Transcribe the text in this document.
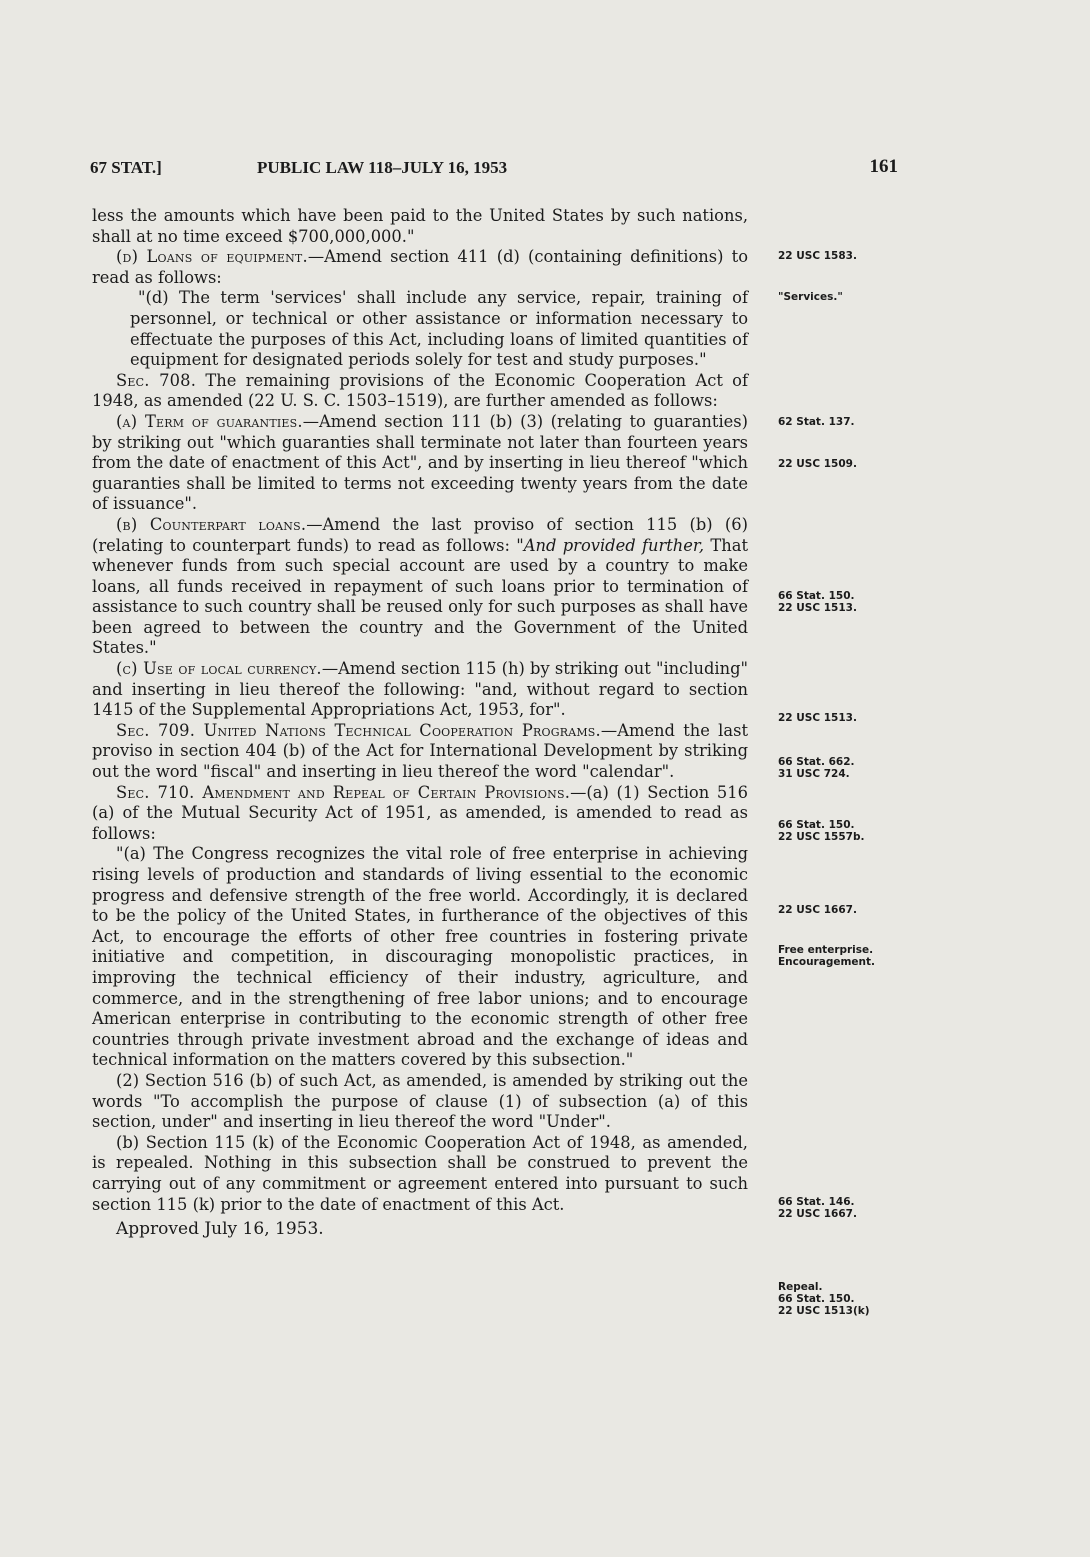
67 STAT.]	PUBLIC LAW 118–JULY 16, 1953	161

less the amounts which have been paid to the United States by such nations, shall at no time exceed $700,000,000."

(d) Loans of equipment.—Amend section 411 (d) (containing definitions) to read as follows:

"(d) The term 'services' shall include any service, repair, training of personnel, or technical or other assistance or information necessary to effectuate the purposes of this Act, including loans of limited quantities of equipment for designated periods solely for test and study purposes."

Sec. 708. The remaining provisions of the Economic Cooperation Act of 1948, as amended (22 U. S. C. 1503–1519), are further amended as follows:

(a) Term of guaranties.—Amend section 111 (b) (3) (relating to guaranties) by striking out "which guaranties shall terminate not later than fourteen years from the date of enactment of this Act", and by inserting in lieu thereof "which guaranties shall be limited to terms not exceeding twenty years from the date of issuance".

(b) Counterpart loans.—Amend the last proviso of section 115 (b) (6) (relating to counterpart funds) to read as follows: "And provided further, That whenever funds from such special account are used by a country to make loans, all funds received in repayment of such loans prior to termination of assistance to such country shall be reused only for such purposes as shall have been agreed to between the country and the Government of the United States."

(c) Use of local currency.—Amend section 115 (h) by striking out "including" and inserting in lieu thereof the following: "and, without regard to section 1415 of the Supplemental Appropriations Act, 1953, for".

Sec. 709. United Nations Technical Cooperation Programs.—Amend the last proviso in section 404 (b) of the Act for International Development by striking out the word "fiscal" and inserting in lieu thereof the word "calendar".

Sec. 710. Amendment and Repeal of Certain Provisions.—(a) (1) Section 516 (a) of the Mutual Security Act of 1951, as amended, is amended to read as follows:

"(a) The Congress recognizes the vital role of free enterprise in achieving rising levels of production and standards of living essential to the economic progress and defensive strength of the free world. Accordingly, it is declared to be the policy of the United States, in furtherance of the objectives of this Act, to encourage the efforts of other free countries in fostering private initiative and competition, in discouraging monopolistic practices, in improving the technical efficiency of their industry, agriculture, and commerce, and in the strengthening of free labor unions; and to encourage American enterprise in contributing to the economic strength of other free countries through private investment abroad and the exchange of ideas and technical information on the matters covered by this subsection."

(2) Section 516 (b) of such Act, as amended, is amended by striking out the words "To accomplish the purpose of clause (1) of subsection (a) of this section, under" and inserting in lieu thereof the word "Under".

(b) Section 115 (k) of the Economic Cooperation Act of 1948, as amended, is repealed. Nothing in this subsection shall be construed to prevent the carrying out of any commitment or agreement entered into pursuant to such section 115 (k) prior to the date of enactment of this Act.

Approved July 16, 1953.

22 USC 1583.
"Services."
62 Stat. 137.
22 USC 1509.
66 Stat. 150.
22 USC 1513.
22 USC 1513.
66 Stat. 662.
31 USC 724.
66 Stat. 150.
22 USC 1557b.
22 USC 1667.
Free enterprise.
Encouragement.
66 Stat. 146.
22 USC 1667.
Repeal.
66 Stat. 150.
22 USC 1513(k)
